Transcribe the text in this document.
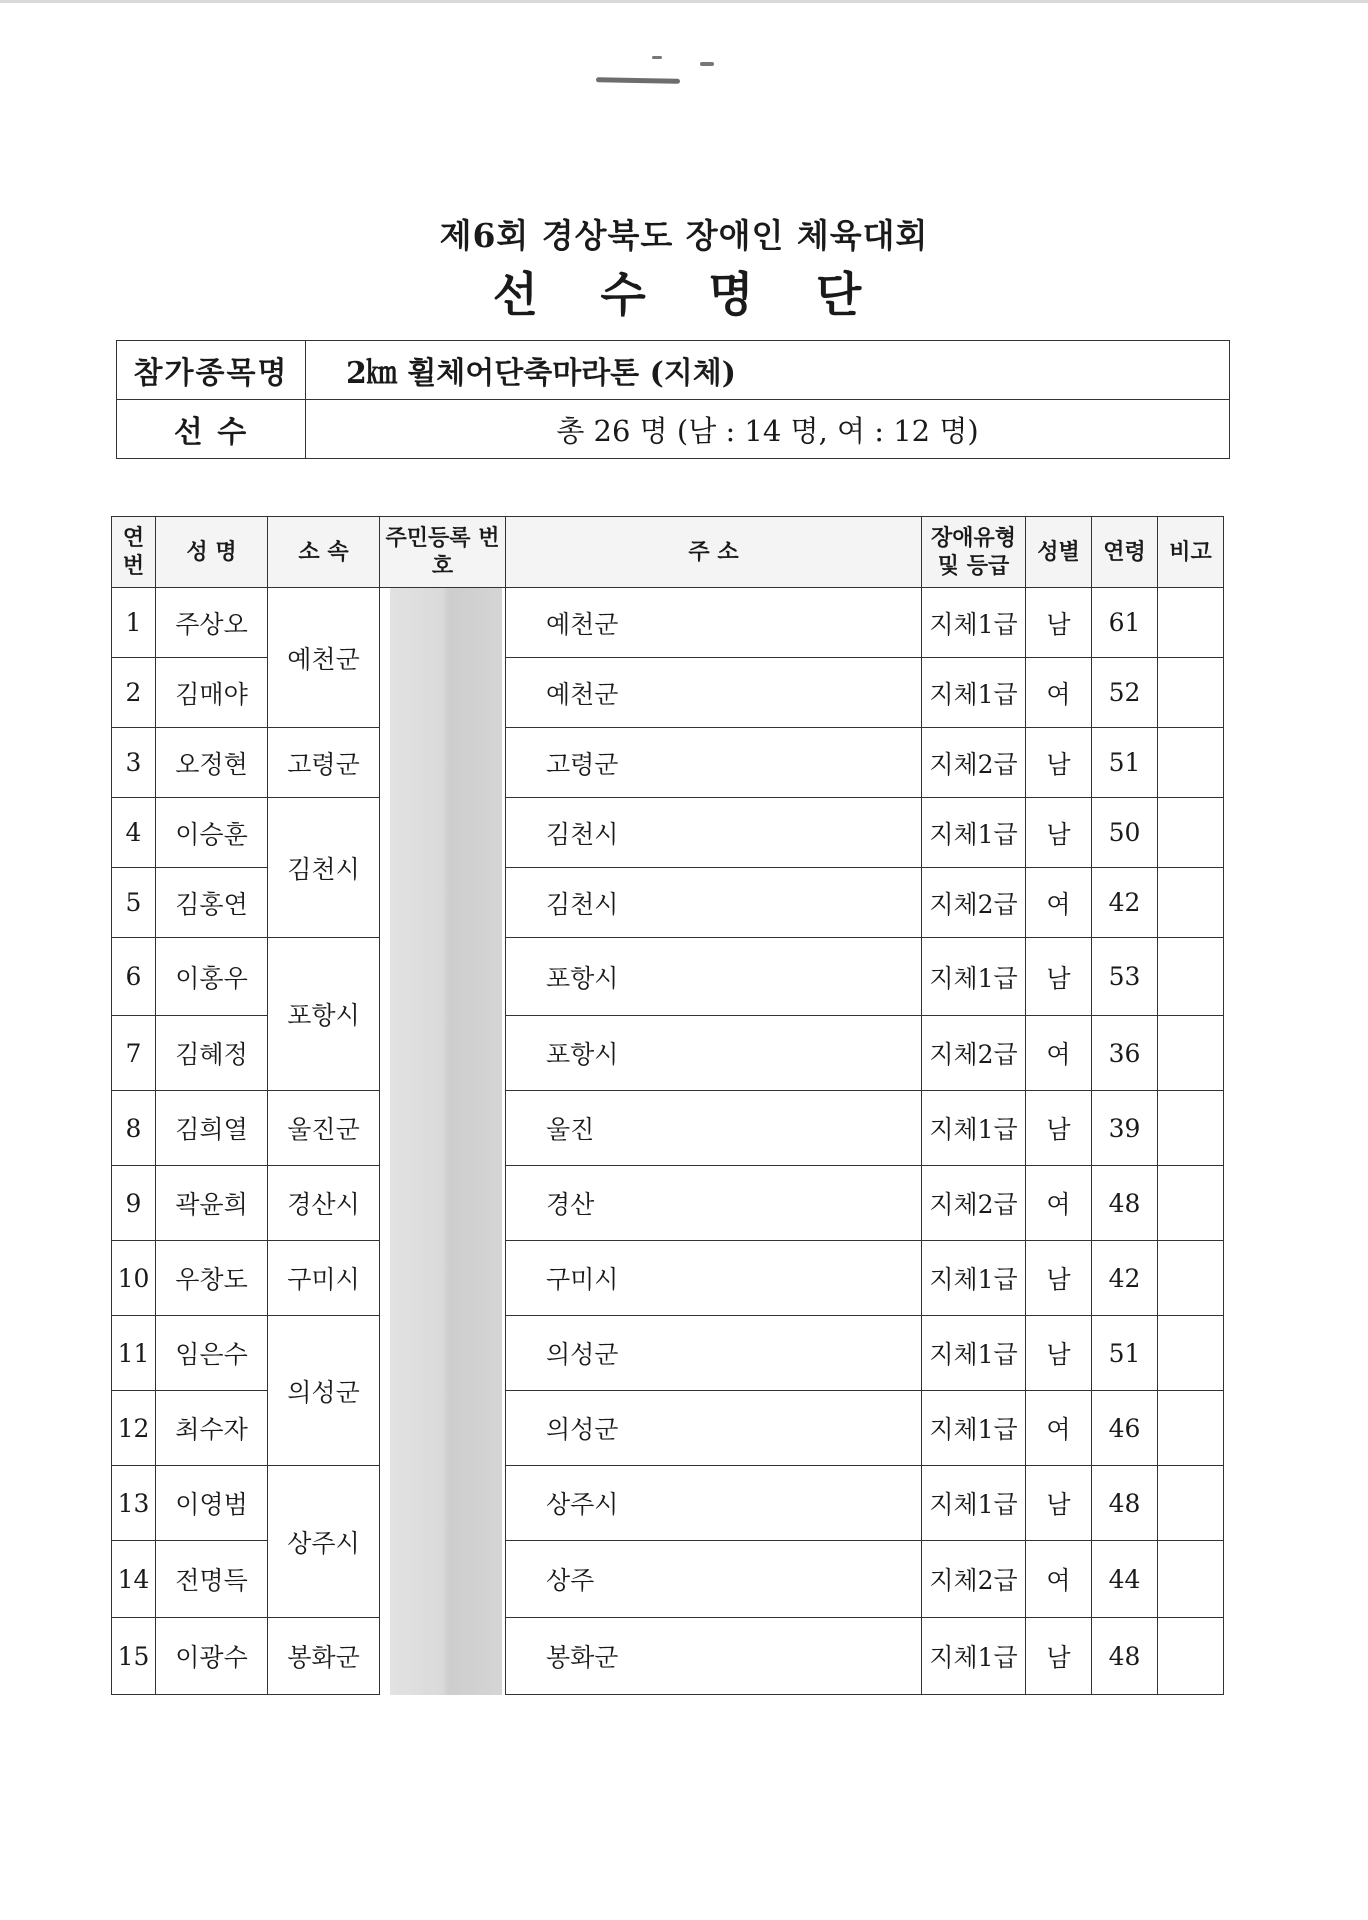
제6회 경상북도 장애인 체육대회
선 수 명 단
참가종목명	2㎞ 휠체어단축마라톤 (지체)
선 수	총 26 명 (남 : 14 명, 여 : 12 명)
연 번	성 명	소 속	주민등록 번 호	주 소	장애유형 및 등급	성별	연령	비고
1	주상오	예천군		예천군	지체1급	남	61	
2	김매야			예천군	지체1급	여	52	
3	오정현	고령군		고령군	지체2급	남	51	
4	이승훈	김천시		김천시	지체1급	남	50	
5	김홍연			김천시	지체2급	여	42	
6	이홍우	포항시		포항시	지체1급	남	53	
7	김혜정			포항시	지체2급	여	36	
8	김희열	울진군		울진	지체1급	남	39	
9	곽윤희	경산시		경산	지체2급	여	48	
10	우창도	구미시		구미시	지체1급	남	42	
11	임은수	의성군		의성군	지체1급	남	51	
12	최수자			의성군	지체1급	여	46	
13	이영범	상주시		상주시	지체1급	남	48	
14	전명득			상주	지체2급	여	44	
15	이광수	봉화군		봉화군	지체1급	남	48	
